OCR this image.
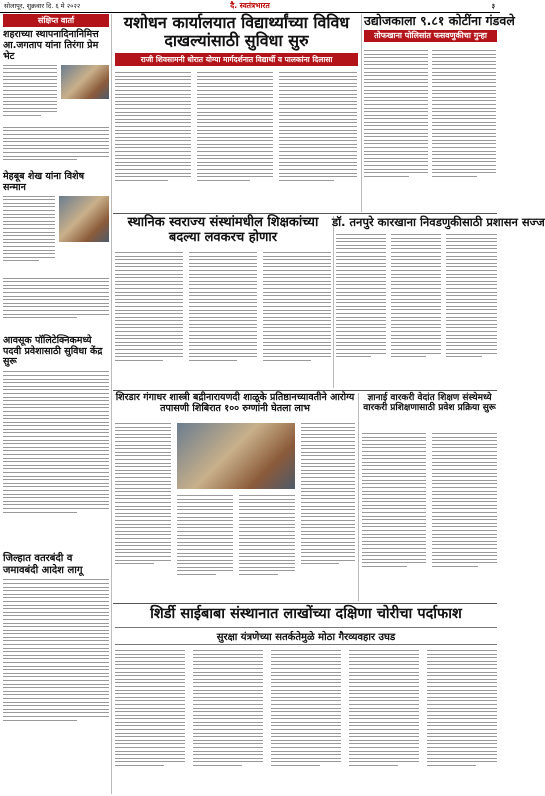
सोलापूर, शुक्रवार दि. ६ मे २०२२	दै. स्वतंत्रभारत	३
संक्षिप्त वार्ता
शहराच्या स्थापनादिनानिमित्त आ.जगताप यांना तिरंगा प्रेम भेट
मेहबूब शेख यांना विशेष सन्मान
आवसूक पॉलिटेक्निकमध्ये पदवी प्रवेशासाठी सुविधा केंद्र सुरू
जिल्हात वतरबंदी व जमावबंदी आदेश लागू
यशोधन कार्यालयात विद्यार्थ्यांच्या विविध दाखल्यांसाठी सुविधा सुरु
राजी शिवसामनी धोरात योग्या मार्गदर्शनात विद्यार्थी व पालकांना दिलासा
उद्योजकाला ९.८१ कोटींना गंडवले
तोफखाना पोलिसांत फसवणुकीचा गुन्हा
स्थानिक स्वराज्य संस्थांमधील शिक्षकांच्या बदल्या लवकरच होणार
डॉ. तनपुरे कारखाना निवडणुकीसाठी प्रशासन सज्ज
शिरडार गंगाधर शास्त्री बद्रीनारायणदी शाळूके प्रतिष्ठानच्यावतीने आरोग्य तपासणी शिबिरात १०० रुग्णांनी घेतला लाभ
ज्ञानाई वारकरी वेदांत शिक्षण संस्थेमध्ये वारकरी प्रशिक्षणासाठी प्रवेश प्रक्रिया सुरू
शिर्डी साईबाबा संस्थानात लाखोंच्या दक्षिणा चोरीचा पर्दाफाश
सुरक्षा यंत्रणेच्या सतर्कतेमुळे मोठा गैरव्यवहार उघड
